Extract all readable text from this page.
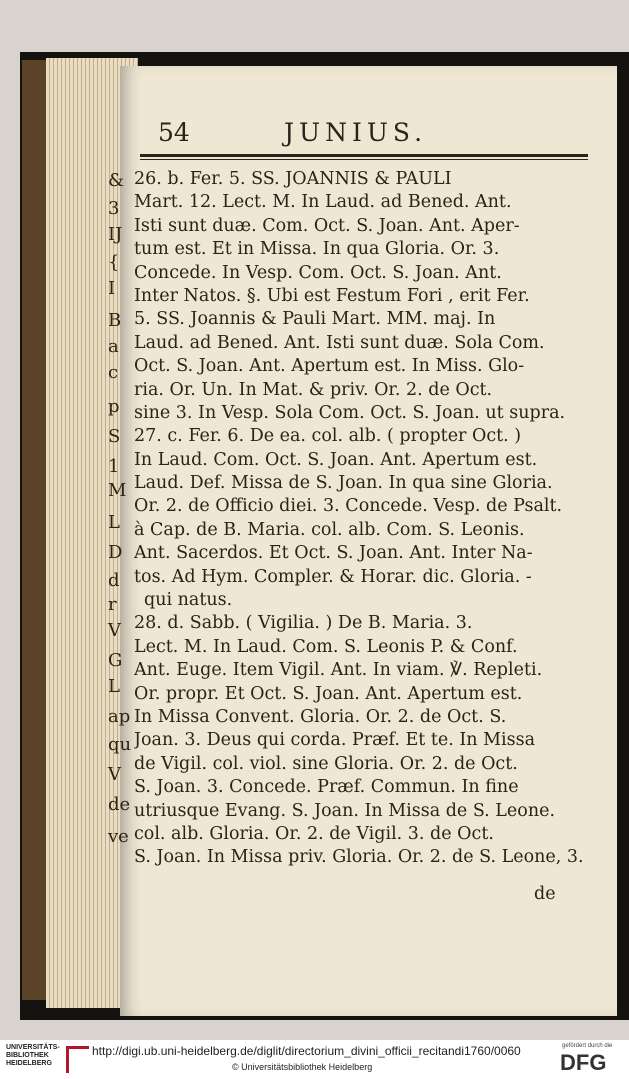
&
3
IJ
{
I
B
a
c
p
S
1
M
L
D
d
r
V
G
L
ap
qu
V
de
ve
54	JUNIUS.
26. b. Fer. 5. SS. JOANNIS & PAULI
Mart. 12. Lect. M. In Laud. ad Bened. Ant.
Isti sunt duæ. Com. Oct. S. Joan. Ant. Aper-
tum est. Et in Missa. In qua Gloria. Or. 3.
Concede. In Vesp. Com. Oct. S. Joan. Ant.
Inter Natos. §. Ubi est Festum Fori , erit Fer.
5. SS. Joannis & Pauli Mart. MM. maj. In
Laud. ad Bened. Ant. Isti sunt duæ. Sola Com.
Oct. S. Joan. Ant. Apertum est. In Miss. Glo-
ria. Or. Un. In Mat. & priv. Or. 2. de Oct.
sine 3. In Vesp. Sola Com. Oct. S. Joan. ut supra.
27. c. Fer. 6. De ea. col. alb. ( propter Oct. )
In Laud. Com. Oct. S. Joan. Ant. Apertum est.
Laud. Def. Missa de S. Joan. In qua sine Gloria.
Or. 2. de Officio diei. 3. Concede. Vesp. de Psalt.
à Cap. de B. Maria. col. alb. Com. S. Leonis.
Ant. Sacerdos. Et Oct. S. Joan. Ant. Inter Na-
tos. Ad Hym. Compler. & Horar. dic. Gloria. -
qui natus.
28. d. Sabb. ( Vigilia. ) De B. Maria. 3.
Lect. M. In Laud. Com. S. Leonis P. & Conf.
Ant. Euge. Item Vigil. Ant. In viam. ℣. Repleti.
Or. propr. Et Oct. S. Joan. Ant. Apertum est.
In Missa Convent. Gloria. Or. 2. de Oct. S.
Joan. 3. Deus qui corda. Præf. Et te. In Missa
de Vigil. col. viol. sine Gloria. Or. 2. de Oct.
S. Joan. 3. Concede. Præf. Commun. In fine
utriusque Evang. S. Joan. In Missa de S. Leone.
col. alb. Gloria. Or. 2. de Vigil. 3. de Oct.
S. Joan. In Missa priv. Gloria. Or. 2. de S. Leone, 3.
de
UNIVERSITÄTS-
BIBLIOTHEK
HEIDELBERG
http://digi.ub.uni-heidelberg.de/diglit/directorium_divini_officii_recitandi1760/0060
© Universitätsbibliothek Heidelberg
gefördert durch die
DFG
